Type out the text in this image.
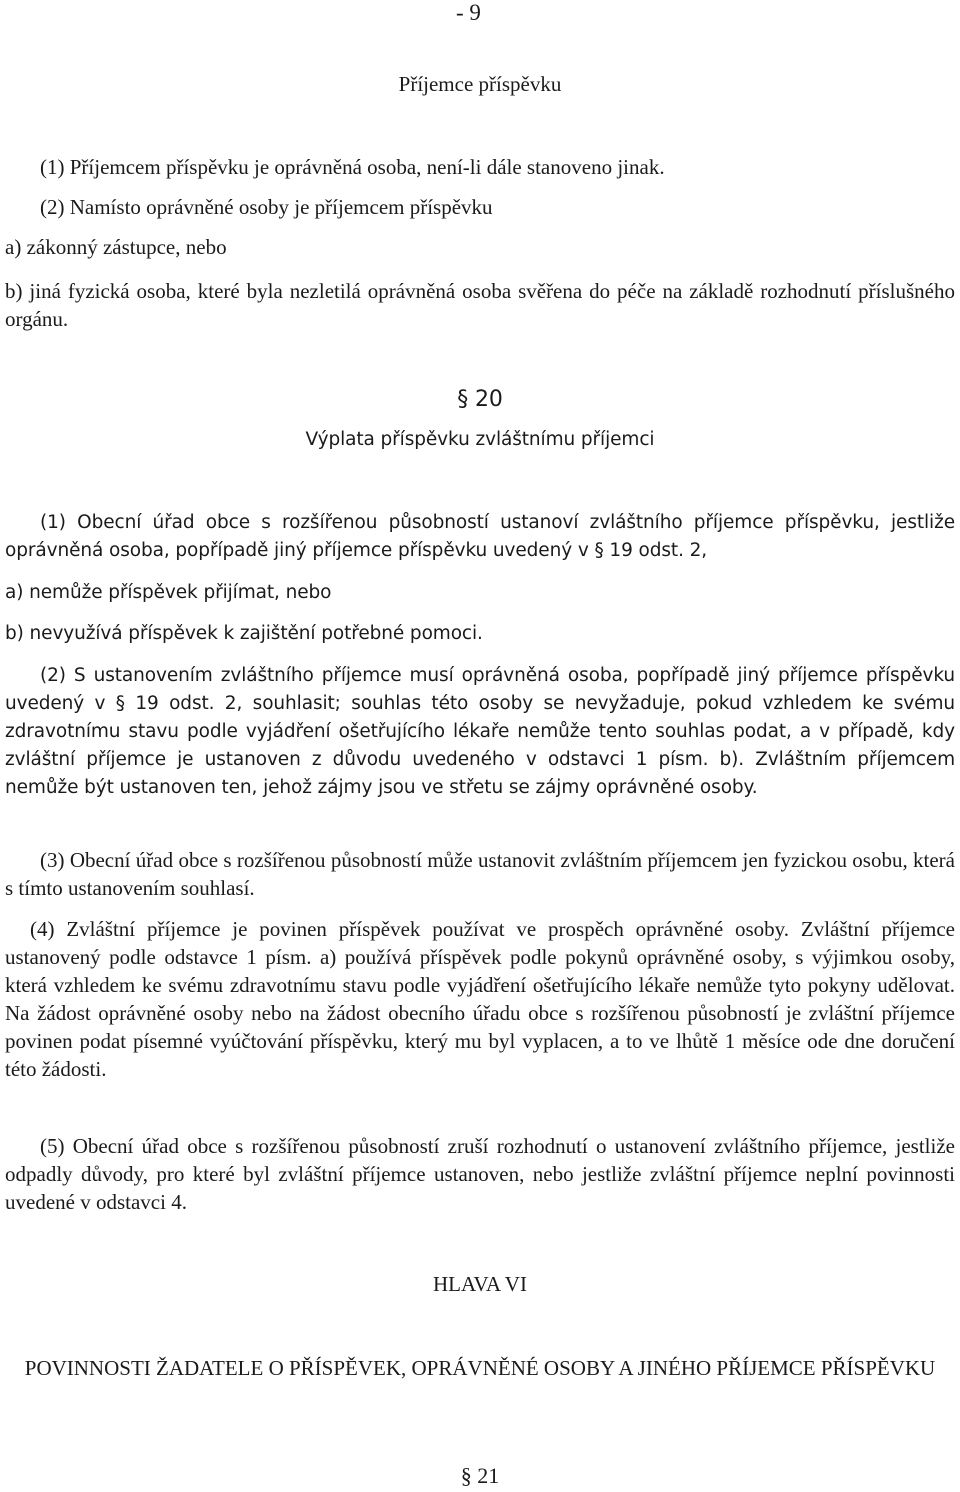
- 9

Příjemce příspěvku

(1) Příjemcem příspěvku je oprávněná osoba, není-li dále stanoveno jinak.

(2) Namísto oprávněné osoby je příjemcem příspěvku

a) zákonný zástupce, nebo

b) jiná fyzická osoba, které byla nezletilá oprávněná osoba svěřena do péče na základě rozhodnutí příslušného orgánu.

§ 20

Výplata příspěvku zvláštnímu příjemci

(1) Obecní úřad obce s rozšířenou působností ustanoví zvláštního příjemce příspěvku, jestliže oprávněná osoba, popřípadě jiný příjemce příspěvku uvedený v § 19 odst. 2,

a) nemůže příspěvek přijímat, nebo

b) nevyužívá příspěvek k zajištění potřebné pomoci.

(2) S ustanovením zvláštního příjemce musí oprávněná osoba, popřípadě jiný příjemce příspěvku uvedený v § 19 odst. 2, souhlasit; souhlas této osoby se nevyžaduje, pokud vzhledem ke svému zdravotnímu stavu podle vyjádření ošetřujícího lékaře nemůže tento souhlas podat, a v případě, kdy zvláštní příjemce je ustanoven z důvodu uvedeného v odstavci 1 písm. b). Zvláštním příjemcem nemůže být ustanoven ten, jehož zájmy jsou ve střetu se zájmy oprávněné osoby.

(3) Obecní úřad obce s rozšířenou působností může ustanovit zvláštním příjemcem jen fyzickou osobu, která s tímto ustanovením souhlasí.

(4) Zvláštní příjemce je povinen příspěvek používat ve prospěch oprávněné osoby. Zvláštní příjemce ustanovený podle odstavce 1 písm. a) používá příspěvek podle pokynů oprávněné osoby, s výjimkou osoby, která vzhledem ke svému zdravotnímu stavu podle vyjádření ošetřujícího lékaře nemůže tyto pokyny udělovat. Na žádost oprávněné osoby nebo na žádost obecního úřadu obce s rozšířenou působností je zvláštní příjemce povinen podat písemné vyúčtování příspěvku, který mu byl vyplacen, a to ve lhůtě 1 měsíce ode dne doručení této žádosti.

(5) Obecní úřad obce s rozšířenou působností zruší rozhodnutí o ustanovení zvláštního příjemce, jestliže odpadly důvody, pro které byl zvláštní příjemce ustanoven, nebo jestliže zvláštní příjemce neplní povinnosti uvedené v odstavci 4.

HLAVA VI

POVINNOSTI ŽADATELE O PŘÍSPĚVEK, OPRÁVNĚNÉ OSOBY A JINÉHO PŘÍJEMCE PŘÍSPĚVKU

§ 21
